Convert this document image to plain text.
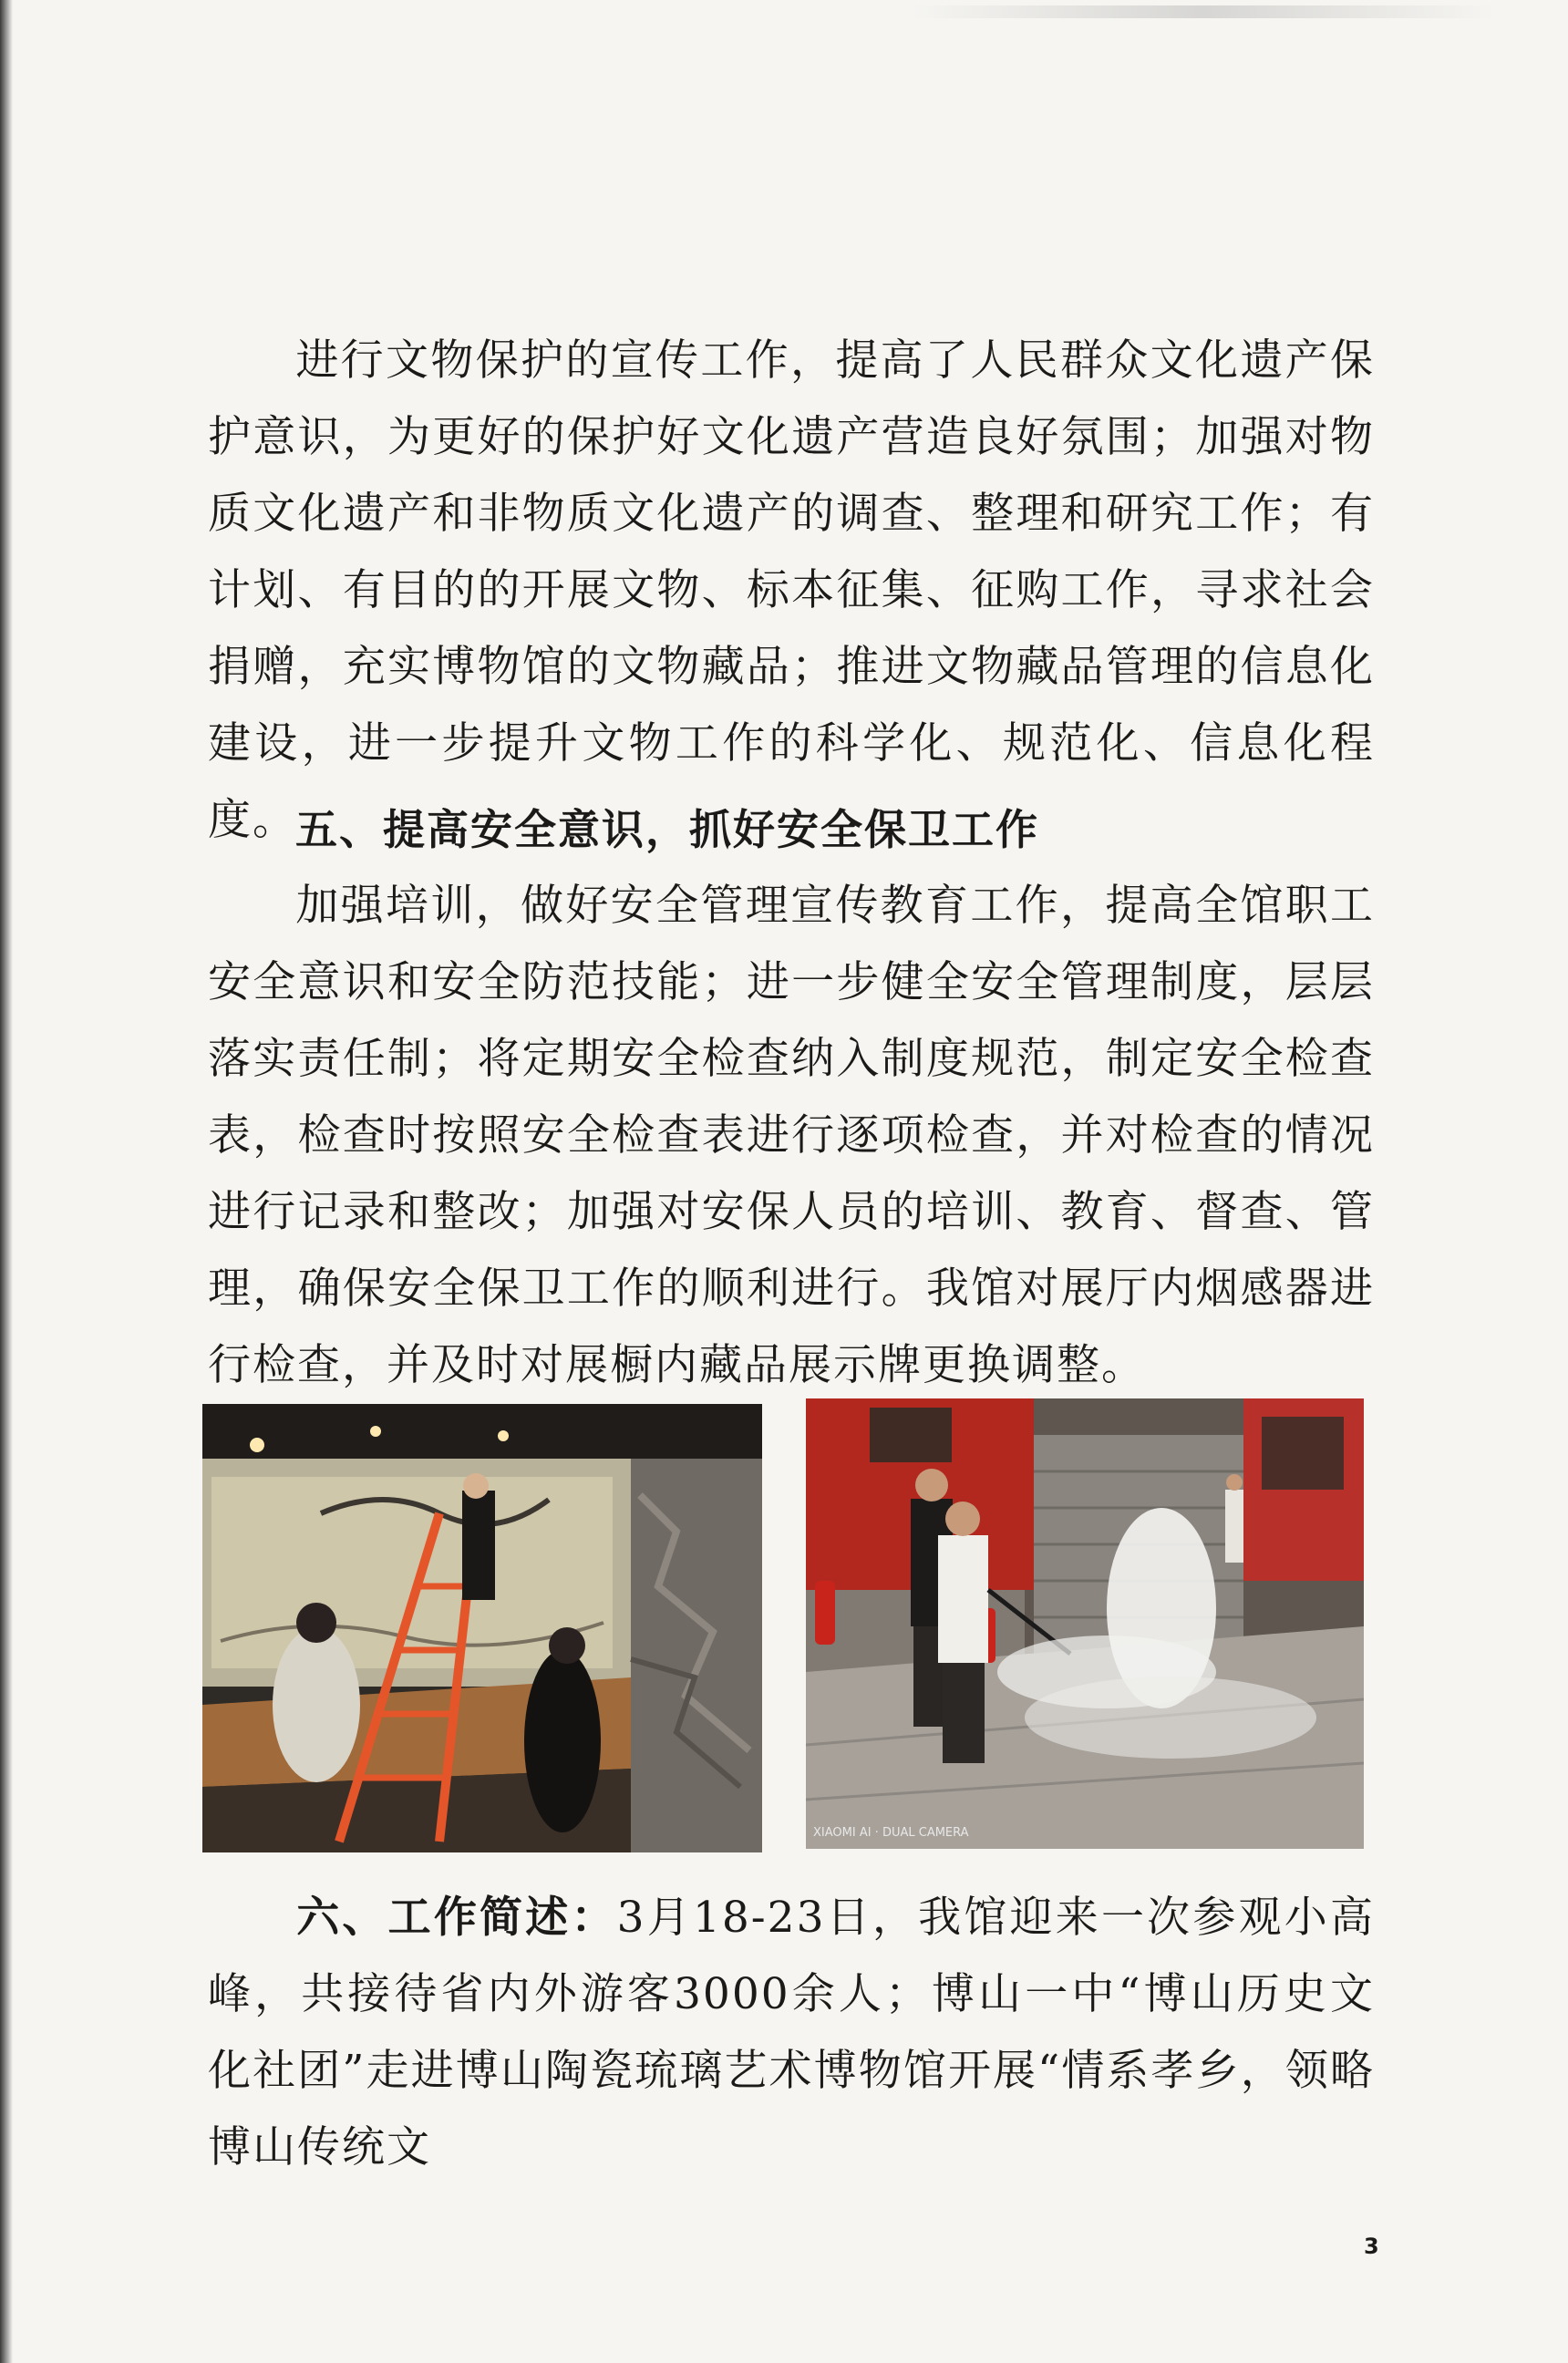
进行文物保护的宣传工作，提高了人民群众文化遗产保护意识，为更好的保护好文化遗产营造良好氛围；加强对物质文化遗产和非物质文化遗产的调查、整理和研究工作；有计划、有目的的开展文物、标本征集、征购工作，寻求社会捐赠，充实博物馆的文物藏品；推进文物藏品管理的信息化建设，进一步提升文物工作的科学化、规范化、信息化程度。

五、提高安全意识，抓好安全保卫工作

加强培训，做好安全管理宣传教育工作，提高全馆职工安全意识和安全防范技能；进一步健全安全管理制度，层层落实责任制；将定期安全检查纳入制度规范，制定安全检查表，检查时按照安全检查表进行逐项检查，并对检查的情况进行记录和整改；加强对安保人员的培训、教育、督查、管理，确保安全保卫工作的顺利进行。我馆对展厅内烟感器进行检查，并及时对展橱内藏品展示牌更换调整。

XIAOMI AI · DUAL CAMERA

六、工作简述：3月18-23日，我馆迎来一次参观小高峰，共接待省内外游客3000余人；博山一中“博山历史文化社团”走进博山陶瓷琉璃艺术博物馆开展“情系孝乡，领略博山传统文

3
